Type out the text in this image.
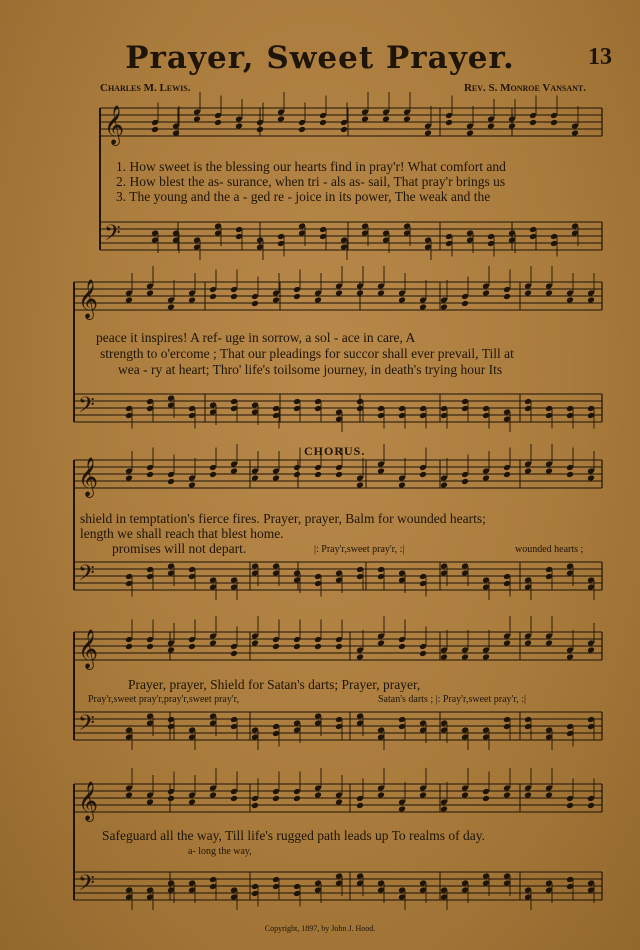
Prayer, Sweet Prayer.	13
Charles M. Lewis.	Rev. S. Monroe Vansant.
𝄞
𝄢
𝄞
𝄢
𝄞
𝄢
𝄞
𝄢
𝄞
𝄢
1. How sweet is the blessing our hearts find in pray'r! What comfort and
2. How blest the as- surance, when tri - als as- sail, That pray'r brings us
3. The young and the a - ged re - joice in its power, The weak and the
peace it inspires! A ref- uge in sorrow, a sol - ace in care, A
strength to o'ercome ; That our pleadings for succor shall ever prevail, Till at
wea - ry at heart; Thro' life's toilsome journey, in death's trying hour Its
CHORUS.
shield in temptation's fierce fires. Prayer, prayer, Balm for wounded hearts;
length we shall reach that blest home.
promises will not depart.	|: Pray'r,sweet pray'r, :|	wounded hearts ;
Prayer, prayer, Shield for Satan's darts; Prayer, prayer,
Pray'r,sweet pray'r,pray'r,sweet pray'r,	Satan's darts ; |: Pray'r,sweet pray'r, :|
Safeguard all the way, Till life's rugged path leads up To realms of day.
a- long the way,
Copyright, 1897, by John J. Hood.
